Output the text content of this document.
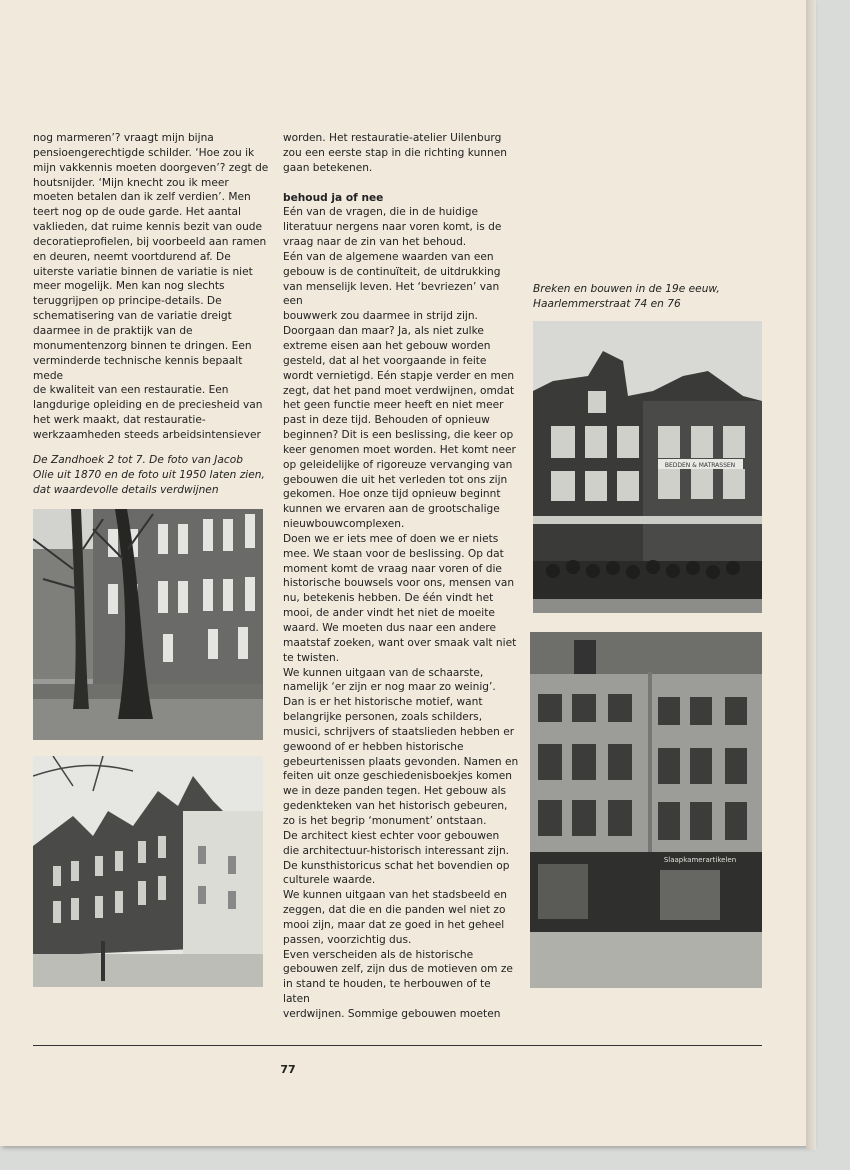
nog marmeren’? vraagt mijn bijna
pensioengerechtigde schilder. ‘Hoe zou ik
mijn vakkennis moeten doorgeven’? zegt de
houtsnijder. ‘Mijn knecht zou ik meer
moeten betalen dan ik zelf verdien’. Men
teert nog op de oude garde. Het aantal
vaklieden, dat ruime kennis bezit van oude
decoratieprofielen, bij voorbeeld aan ramen
en deuren, neemt voortdurend af. De
uiterste variatie binnen de variatie is niet
meer mogelijk. Men kan nog slechts
teruggrijpen op principe-details. De
schematisering van de variatie dreigt
daarmee in de praktijk van de
monumentenzorg binnen te dringen. Een
verminderde technische kennis bepaalt mede
de kwaliteit van een restauratie. Een
langdurige opleiding en de preciesheid van
het werk maakt, dat restauratie-
werkzaamheden steeds arbeidsintensiever
De Zandhoek 2 tot 7. De foto van Jacob
Olie uit 1870 en de foto uit 1950 laten zien,
dat waardevolle details verdwijnen
worden. Het restauratie-atelier Uilenburg
zou een eerste stap in die richting kunnen
gaan betekenen.

behoud ja of nee

Eén van de vragen, die in de huidige
literatuur nergens naar voren komt, is de
vraag naar de zin van het behoud.
Eén van de algemene waarden van een
gebouw is de continuïteit, de uitdrukking
van menselijk leven. Het ‘bevriezen’ van een
bouwwerk zou daarmee in strijd zijn.
Doorgaan dan maar? Ja, als niet zulke
extreme eisen aan het gebouw worden
gesteld, dat al het voorgaande in feite
wordt vernietigd. Eén stapje verder en men
zegt, dat het pand moet verdwijnen, omdat
het geen functie meer heeft en niet meer
past in deze tijd. Behouden of opnieuw
beginnen? Dit is een beslissing, die keer op
keer genomen moet worden. Het komt neer
op geleidelijke of rigoreuze vervanging van
gebouwen die uit het verleden tot ons zijn
gekomen. Hoe onze tijd opnieuw beginnt
kunnen we ervaren aan de grootschalige
nieuwbouwcomplexen.
Doen we er iets mee of doen we er niets
mee. We staan voor de beslissing. Op dat
moment komt de vraag naar voren of die
historische bouwsels voor ons, mensen van
nu, betekenis hebben. De één vindt het
mooi, de ander vindt het niet de moeite
waard. We moeten dus naar een andere
maatstaf zoeken, want over smaak valt niet
te twisten.
We kunnen uitgaan van de schaarste,
namelijk ‘er zijn er nog maar zo weinig’.
Dan is er het historische motief, want
belangrijke personen, zoals schilders,
musici, schrijvers of staatslieden hebben er
gewoond of er hebben historische
gebeurtenissen plaats gevonden. Namen en
feiten uit onze geschiedenisboekjes komen
we in deze panden tegen. Het gebouw als
gedenkteken van het historisch gebeuren,
zo is het begrip ‘monument’ ontstaan.
De architect kiest echter voor gebouwen
die architectuur-historisch interessant zijn.
De kunsthistoricus schat het bovendien op
culturele waarde.
We kunnen uitgaan van het stadsbeeld en
zeggen, dat die en die panden wel niet zo
mooi zijn, maar dat ze goed in het geheel
passen, voorzichtig dus.
Even verscheiden als de historische
gebouwen zelf, zijn dus de motieven om ze
in stand te houden, te herbouwen of te laten
verdwijnen. Sommige gebouwen moeten
Breken en bouwen in de 19e eeuw,
Haarlemmerstraat 74 en 76
BEDDEN & MATRASSEN
Slaapkamerartikelen
77
